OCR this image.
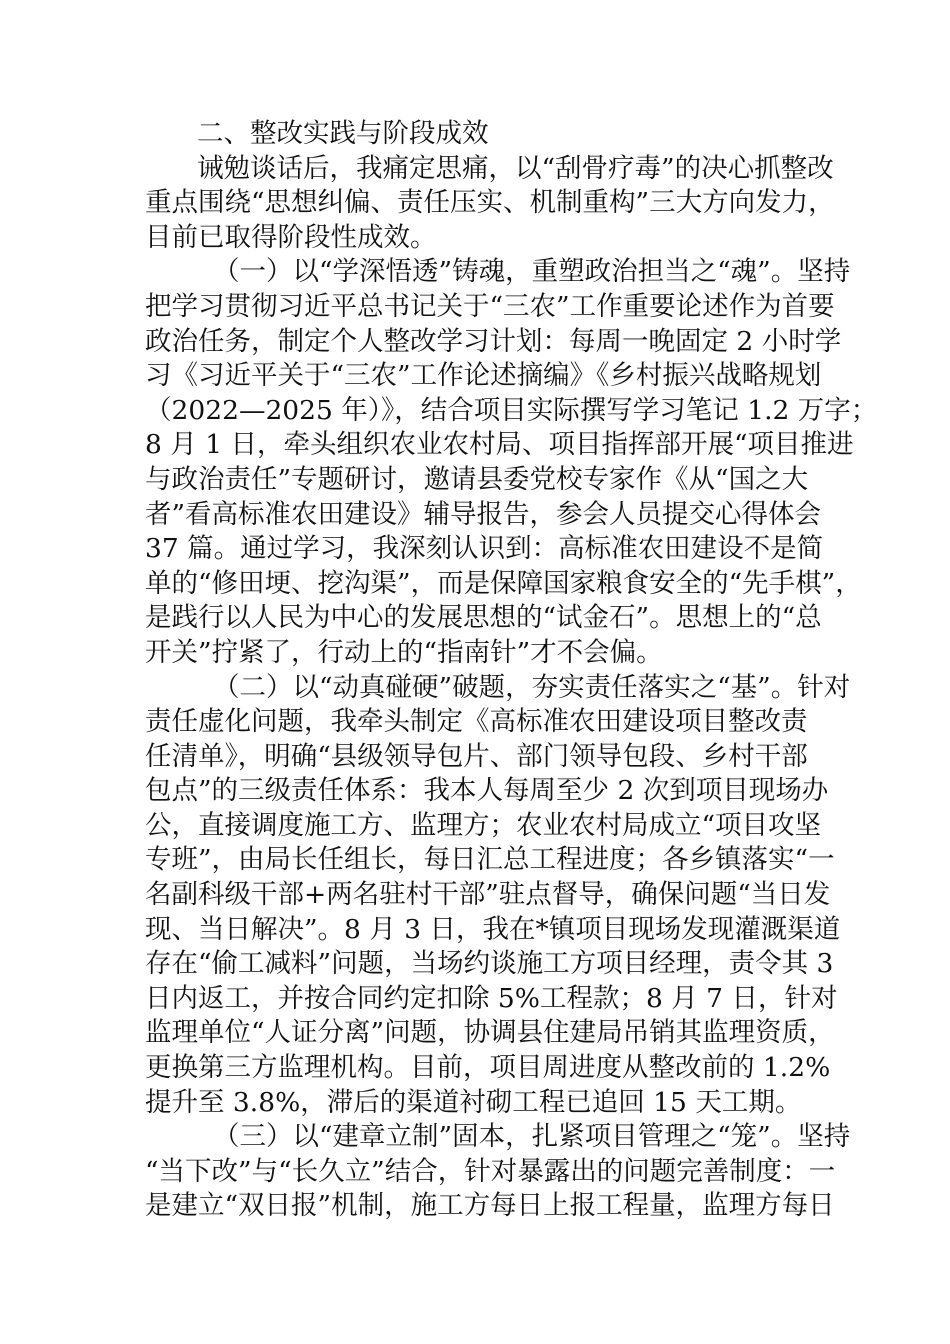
二、整改实践与阶段成效
诫勉谈话后，我痛定思痛，以“刮骨疗毒”的决心抓整改
重点围绕“思想纠偏、责任压实、机制重构”三大方向发力，
目前已取得阶段性成效。
（一）以“学深悟透”铸魂，重塑政治担当之“魂”。坚持
把学习贯彻习近平总书记关于“三农”工作重要论述作为首要
政治任务，制定个人整改学习计划：每周一晚固定 2 小时学
习《习近平关于“三农”工作论述摘编》《乡村振兴战略规划
（2022—2025 年）》，结合项目实际撰写学习笔记 1.2 万字；
8 月 1 日，牵头组织农业农村局、项目指挥部开展“项目推进
与政治责任”专题研讨，邀请县委党校专家作《从“国之大
者”看高标准农田建设》辅导报告，参会人员提交心得体会
37 篇。通过学习，我深刻认识到：高标准农田建设不是简
单的“修田埂、挖沟渠”，而是保障国家粮食安全的“先手棋”，
是践行以人民为中心的发展思想的“试金石”。思想上的“总
开关”拧紧了，行动上的“指南针”才不会偏。
（二）以“动真碰硬”破题，夯实责任落实之“基”。针对
责任虚化问题，我牵头制定《高标准农田建设项目整改责
任清单》，明确“县级领导包片、部门领导包段、乡村干部
包点”的三级责任体系：我本人每周至少 2 次到项目现场办
公，直接调度施工方、监理方；农业农村局成立“项目攻坚
专班”，由局长任组长，每日汇总工程进度；各乡镇落实“一
名副科级干部+两名驻村干部”驻点督导，确保问题“当日发
现、当日解决”。8 月 3 日，我在*镇项目现场发现灌溉渠道
存在“偷工减料”问题，当场约谈施工方项目经理，责令其 3
日内返工，并按合同约定扣除 5%工程款；8 月 7 日，针对
监理单位“人证分离”问题，协调县住建局吊销其监理资质，
更换第三方监理机构。目前，项目周进度从整改前的 1.2%
提升至 3.8%，滞后的渠道衬砌工程已追回 15 天工期。
（三）以“建章立制”固本，扎紧项目管理之“笼”。坚持
“当下改”与“长久立”结合，针对暴露出的问题完善制度：一
是建立“双日报”机制，施工方每日上报工程量，监理方每日
